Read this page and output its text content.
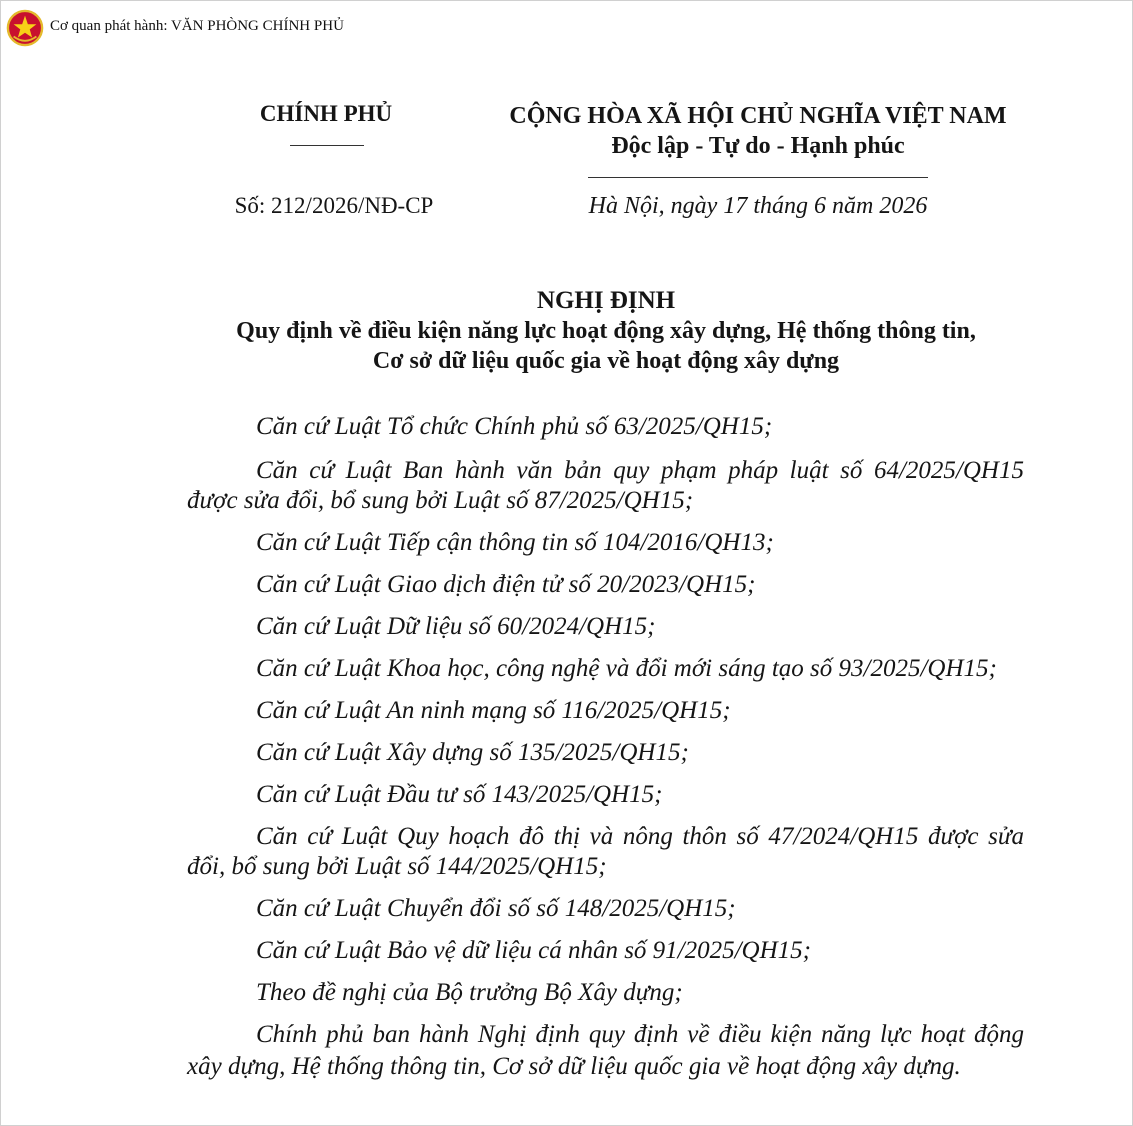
Cơ quan phát hành: VĂN PHÒNG CHÍNH PHỦ
CHÍNH PHỦ
Số: 212/2026/NĐ-CP
CỘNG HÒA XÃ HỘI CHỦ NGHĨA VIỆT NAM
Độc lập - Tự do - Hạnh phúc
Hà Nội, ngày 17 tháng 6 năm 2026
NGHỊ ĐỊNH
Quy định về điều kiện năng lực hoạt động xây dựng, Hệ thống thông tin,
Cơ sở dữ liệu quốc gia về hoạt động xây dựng
Căn cứ Luật Tổ chức Chính phủ số 63/2025/QH15;
Căn cứ Luật Ban hành văn bản quy phạm pháp luật số 64/2025/QH15
được sửa đổi, bổ sung bởi Luật số 87/2025/QH15;
Căn cứ Luật Tiếp cận thông tin số 104/2016/QH13;
Căn cứ Luật Giao dịch điện tử số 20/2023/QH15;
Căn cứ Luật Dữ liệu số 60/2024/QH15;
Căn cứ Luật Khoa học, công nghệ và đổi mới sáng tạo số 93/2025/QH15;
Căn cứ Luật An ninh mạng số 116/2025/QH15;
Căn cứ Luật Xây dựng số 135/2025/QH15;
Căn cứ Luật Đầu tư số 143/2025/QH15;
Căn cứ Luật Quy hoạch đô thị và nông thôn số 47/2024/QH15 được sửa
đổi, bổ sung bởi Luật số 144/2025/QH15;
Căn cứ Luật Chuyển đổi số số 148/2025/QH15;
Căn cứ Luật Bảo vệ dữ liệu cá nhân số 91/2025/QH15;
Theo đề nghị của Bộ trưởng Bộ Xây dựng;
Chính phủ ban hành Nghị định quy định về điều kiện năng lực hoạt động
xây dựng, Hệ thống thông tin, Cơ sở dữ liệu quốc gia về hoạt động xây dựng.
